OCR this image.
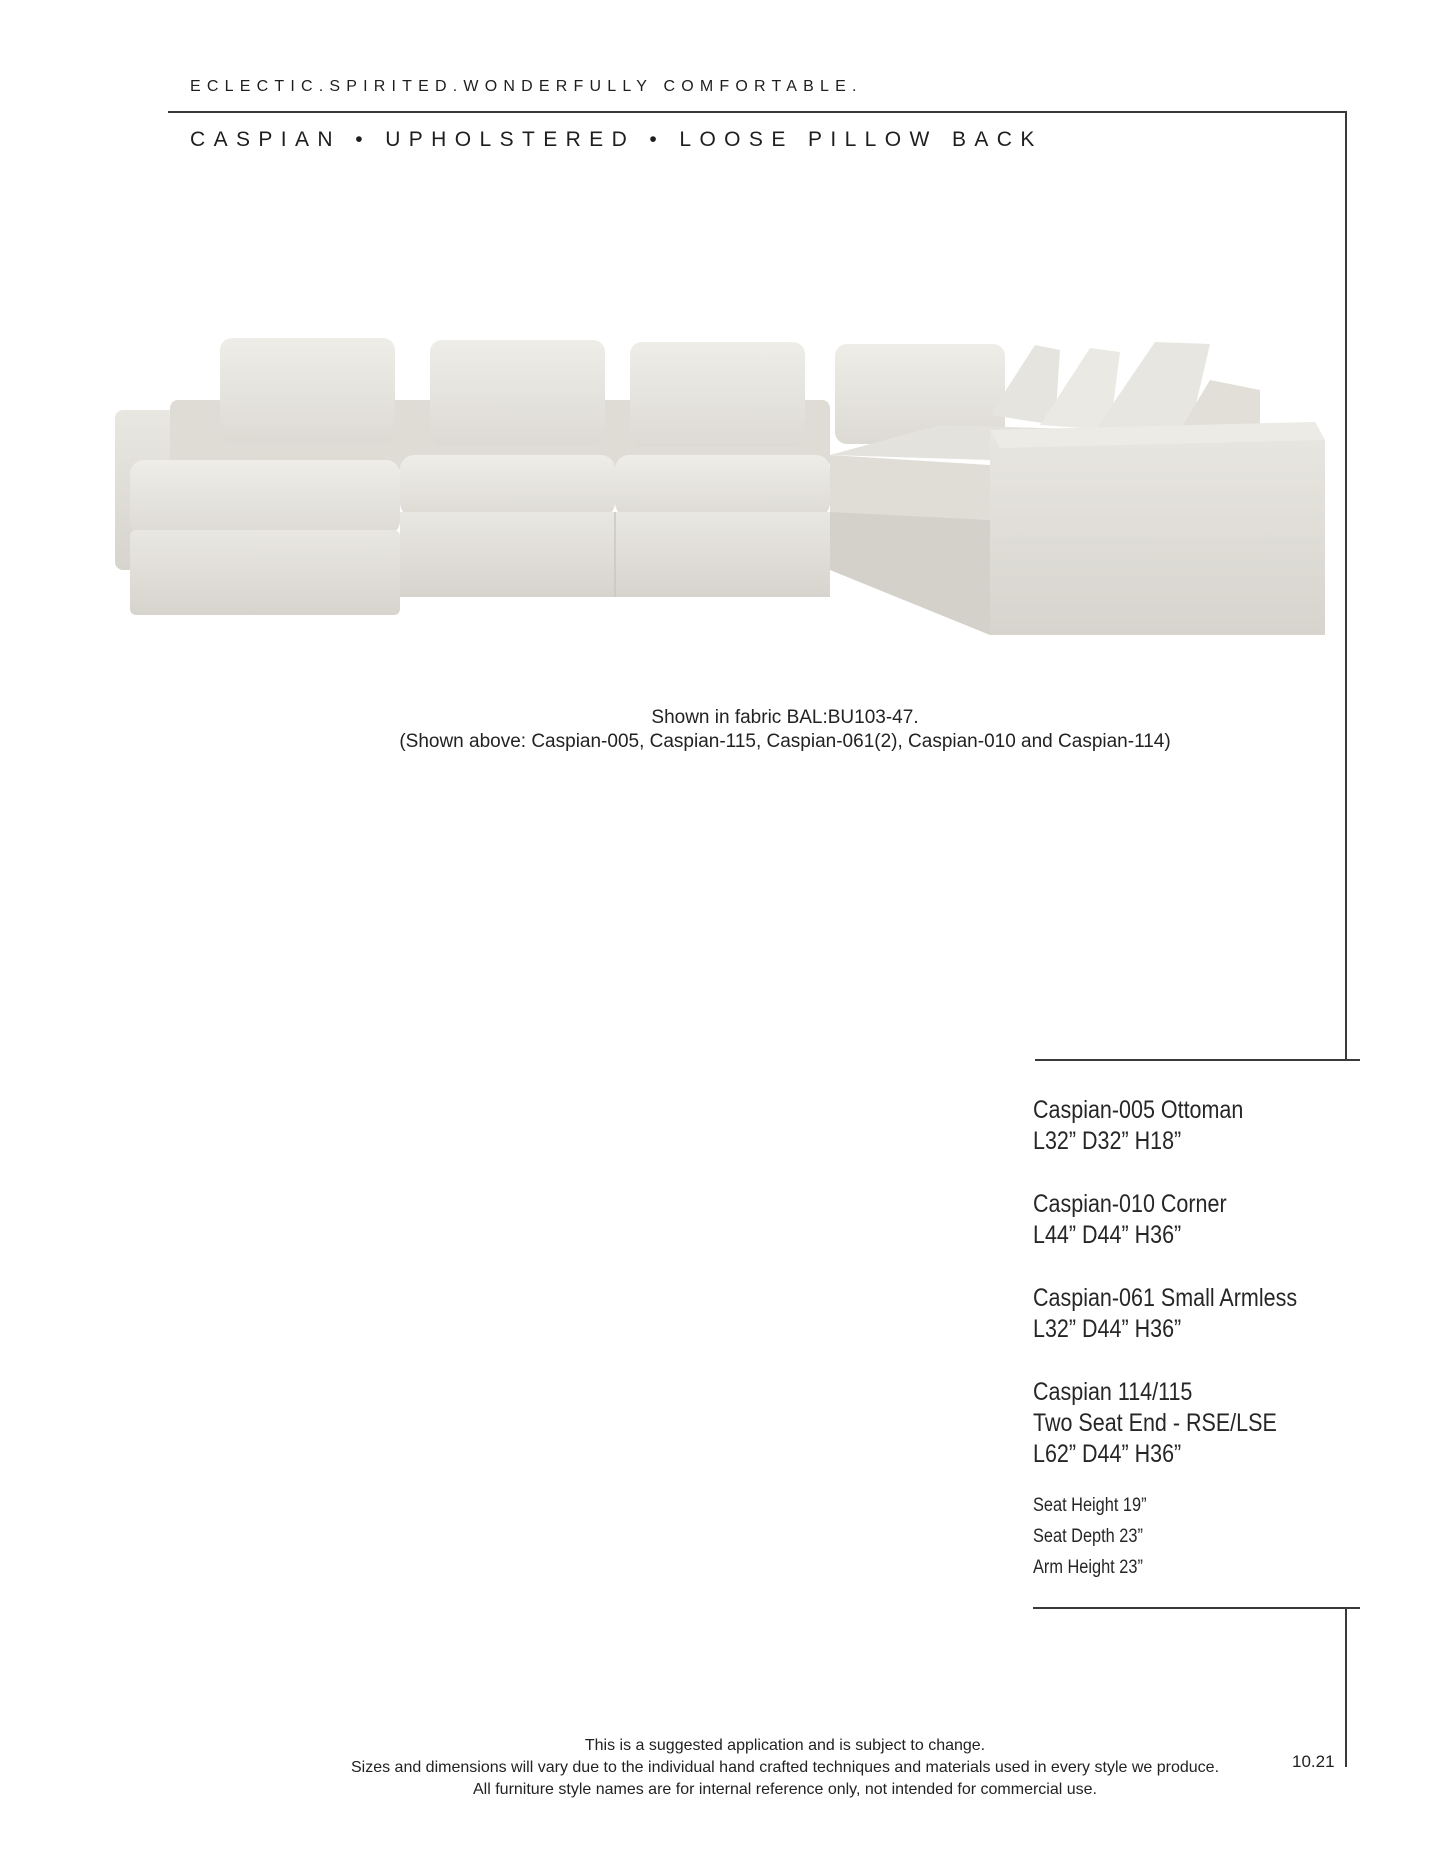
ECLECTIC.SPIRITED.WONDERFULLY COMFORTABLE.
CASPIAN • UPHOLSTERED • LOOSE PILLOW BACK
Shown in fabric BAL:BU103-47.
(Shown above: Caspian-005, Caspian-115, Caspian-061(2), Caspian-010 and Caspian-114)
Caspian-005 Ottoman
L32” D32” H18”
Caspian-010 Corner
L44” D44” H36”
Caspian-061 Small Armless
L32” D44” H36”
Caspian 114/115
Two Seat End - RSE/LSE
L62” D44” H36”
Seat Height 19”
Seat Depth 23”
Arm Height 23”
This is a suggested application and is subject to change.
Sizes and dimensions will vary due to the individual hand crafted techniques and materials used in every style we produce.
All furniture style names are for internal reference only, not intended for commercial use.
10.21
